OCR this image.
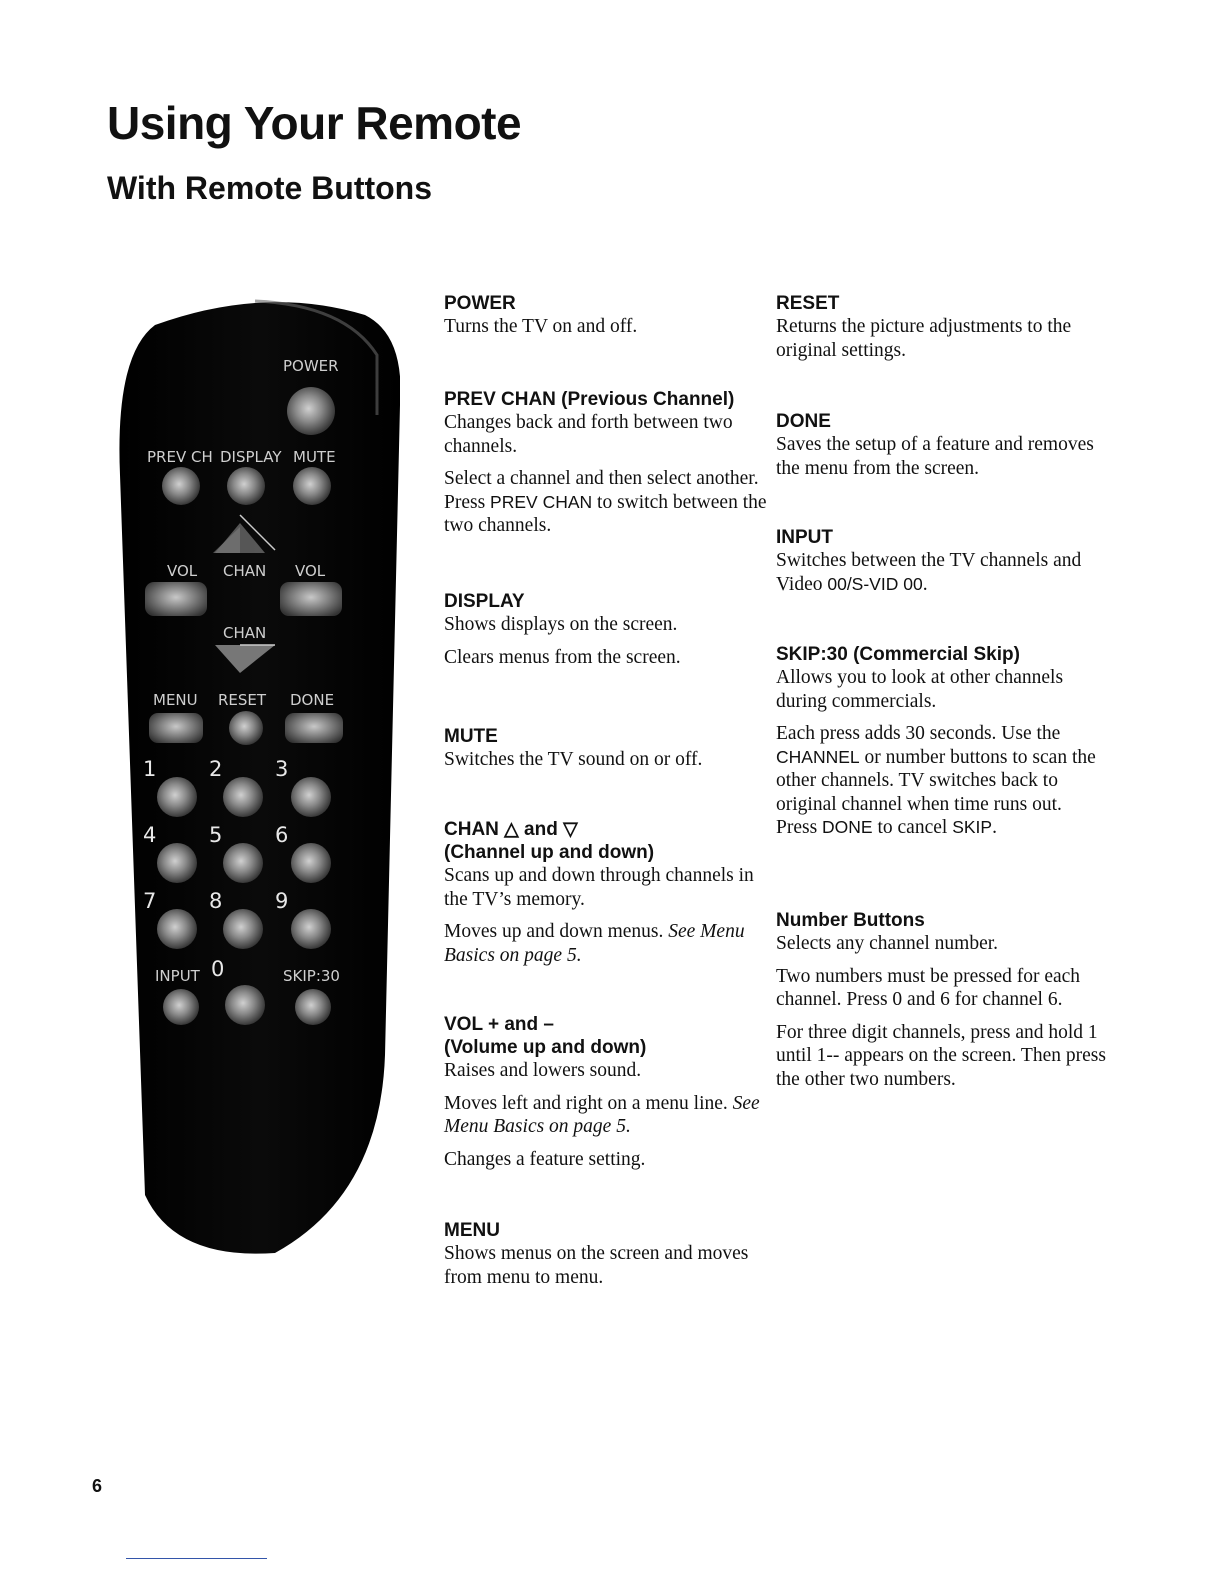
Using Your Remote
With Remote Buttons
POWER
PREV CH DISPLAY MUTE
VOL CHAN VOL
CHAN
MENU RESET DONE
1	2	3
4	5	6
7	8	9
INPUT 0	SKIP:30
POWER

Turns the TV on and off.

PREV CHAN (Previous Channel)

Changes back and forth between two channels.

Select a channel and then select another. Press PREV CHAN to switch between the two channels.

DISPLAY

Shows displays on the screen.

Clears menus from the screen.

MUTE

Switches the TV sound on or off.

CHAN △ and ▽
(Channel up and down)

Scans up and down through channels in the TV’s memory.

Moves up and down menus. See Menu Basics on page 5.

VOL + and –
(Volume up and down)

Raises and lowers sound.

Moves left and right on a menu line. See Menu Basics on page 5.

Changes a feature setting.

MENU

Shows menus on the screen and moves from menu to menu.

RESET

Returns the picture adjustments to the original settings.

DONE

Saves the setup of a feature and removes the menu from the screen.

INPUT

Switches between the TV channels and Video 00/S-VID 00.

SKIP:30 (Commercial Skip)

Allows you to look at other channels during commercials.

Each press adds 30 seconds. Use the CHANNEL or number buttons to scan the other channels. TV switches back to original channel when time runs out. Press DONE to cancel SKIP.

Number Buttons

Selects any channel number.

Two numbers must be pressed for each channel. Press 0 and 6 for channel 6.

For three digit channels, press and hold 1 until 1-- appears on the screen. Then press the other two numbers.

6
